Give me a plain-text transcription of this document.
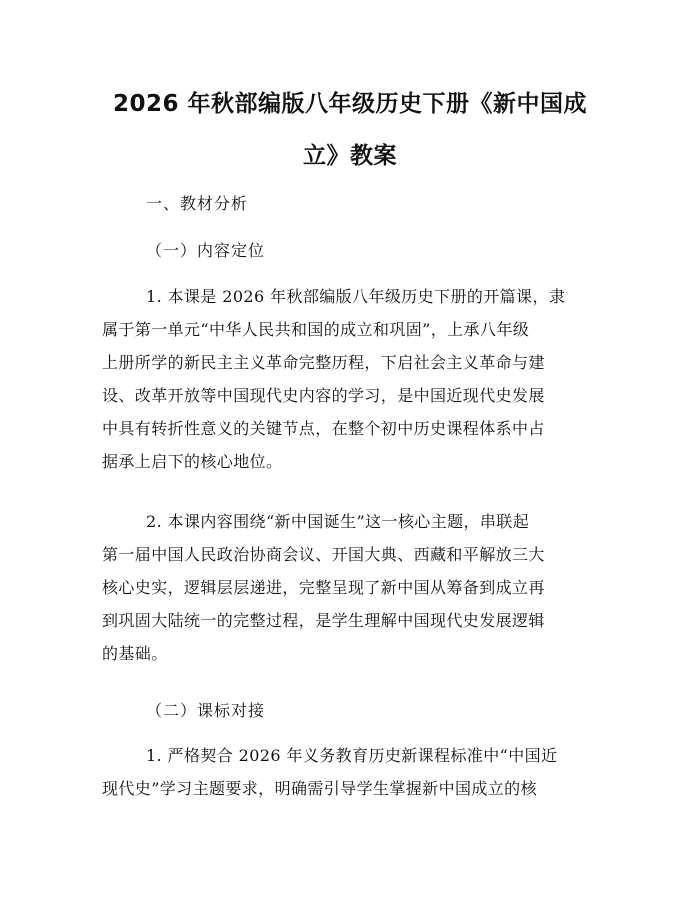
2026 年秋部编版八年级历史下册《新中国成
立》教案
一、教材分析
（一）内容定位
1. 本课是 2026 年秋部编版八年级历史下册的开篇课，隶
属于第一单元“中华人民共和国的成立和巩固”，上承八年级
上册所学的新民主主义革命完整历程，下启社会主义革命与建
设、改革开放等中国现代史内容的学习，是中国近现代史发展
中具有转折性意义的关键节点，在整个初中历史课程体系中占
据承上启下的核心地位。
2. 本课内容围绕“新中国诞生”这一核心主题，串联起
第一届中国人民政治协商会议、开国大典、西藏和平解放三大
核心史实，逻辑层层递进，完整呈现了新中国从筹备到成立再
到巩固大陆统一的完整过程，是学生理解中国现代史发展逻辑
的基础。
（二）课标对接
1. 严格契合 2026 年义务教育历史新课程标准中“中国近
现代史”学习主题要求，明确需引导学生掌握新中国成立的核
